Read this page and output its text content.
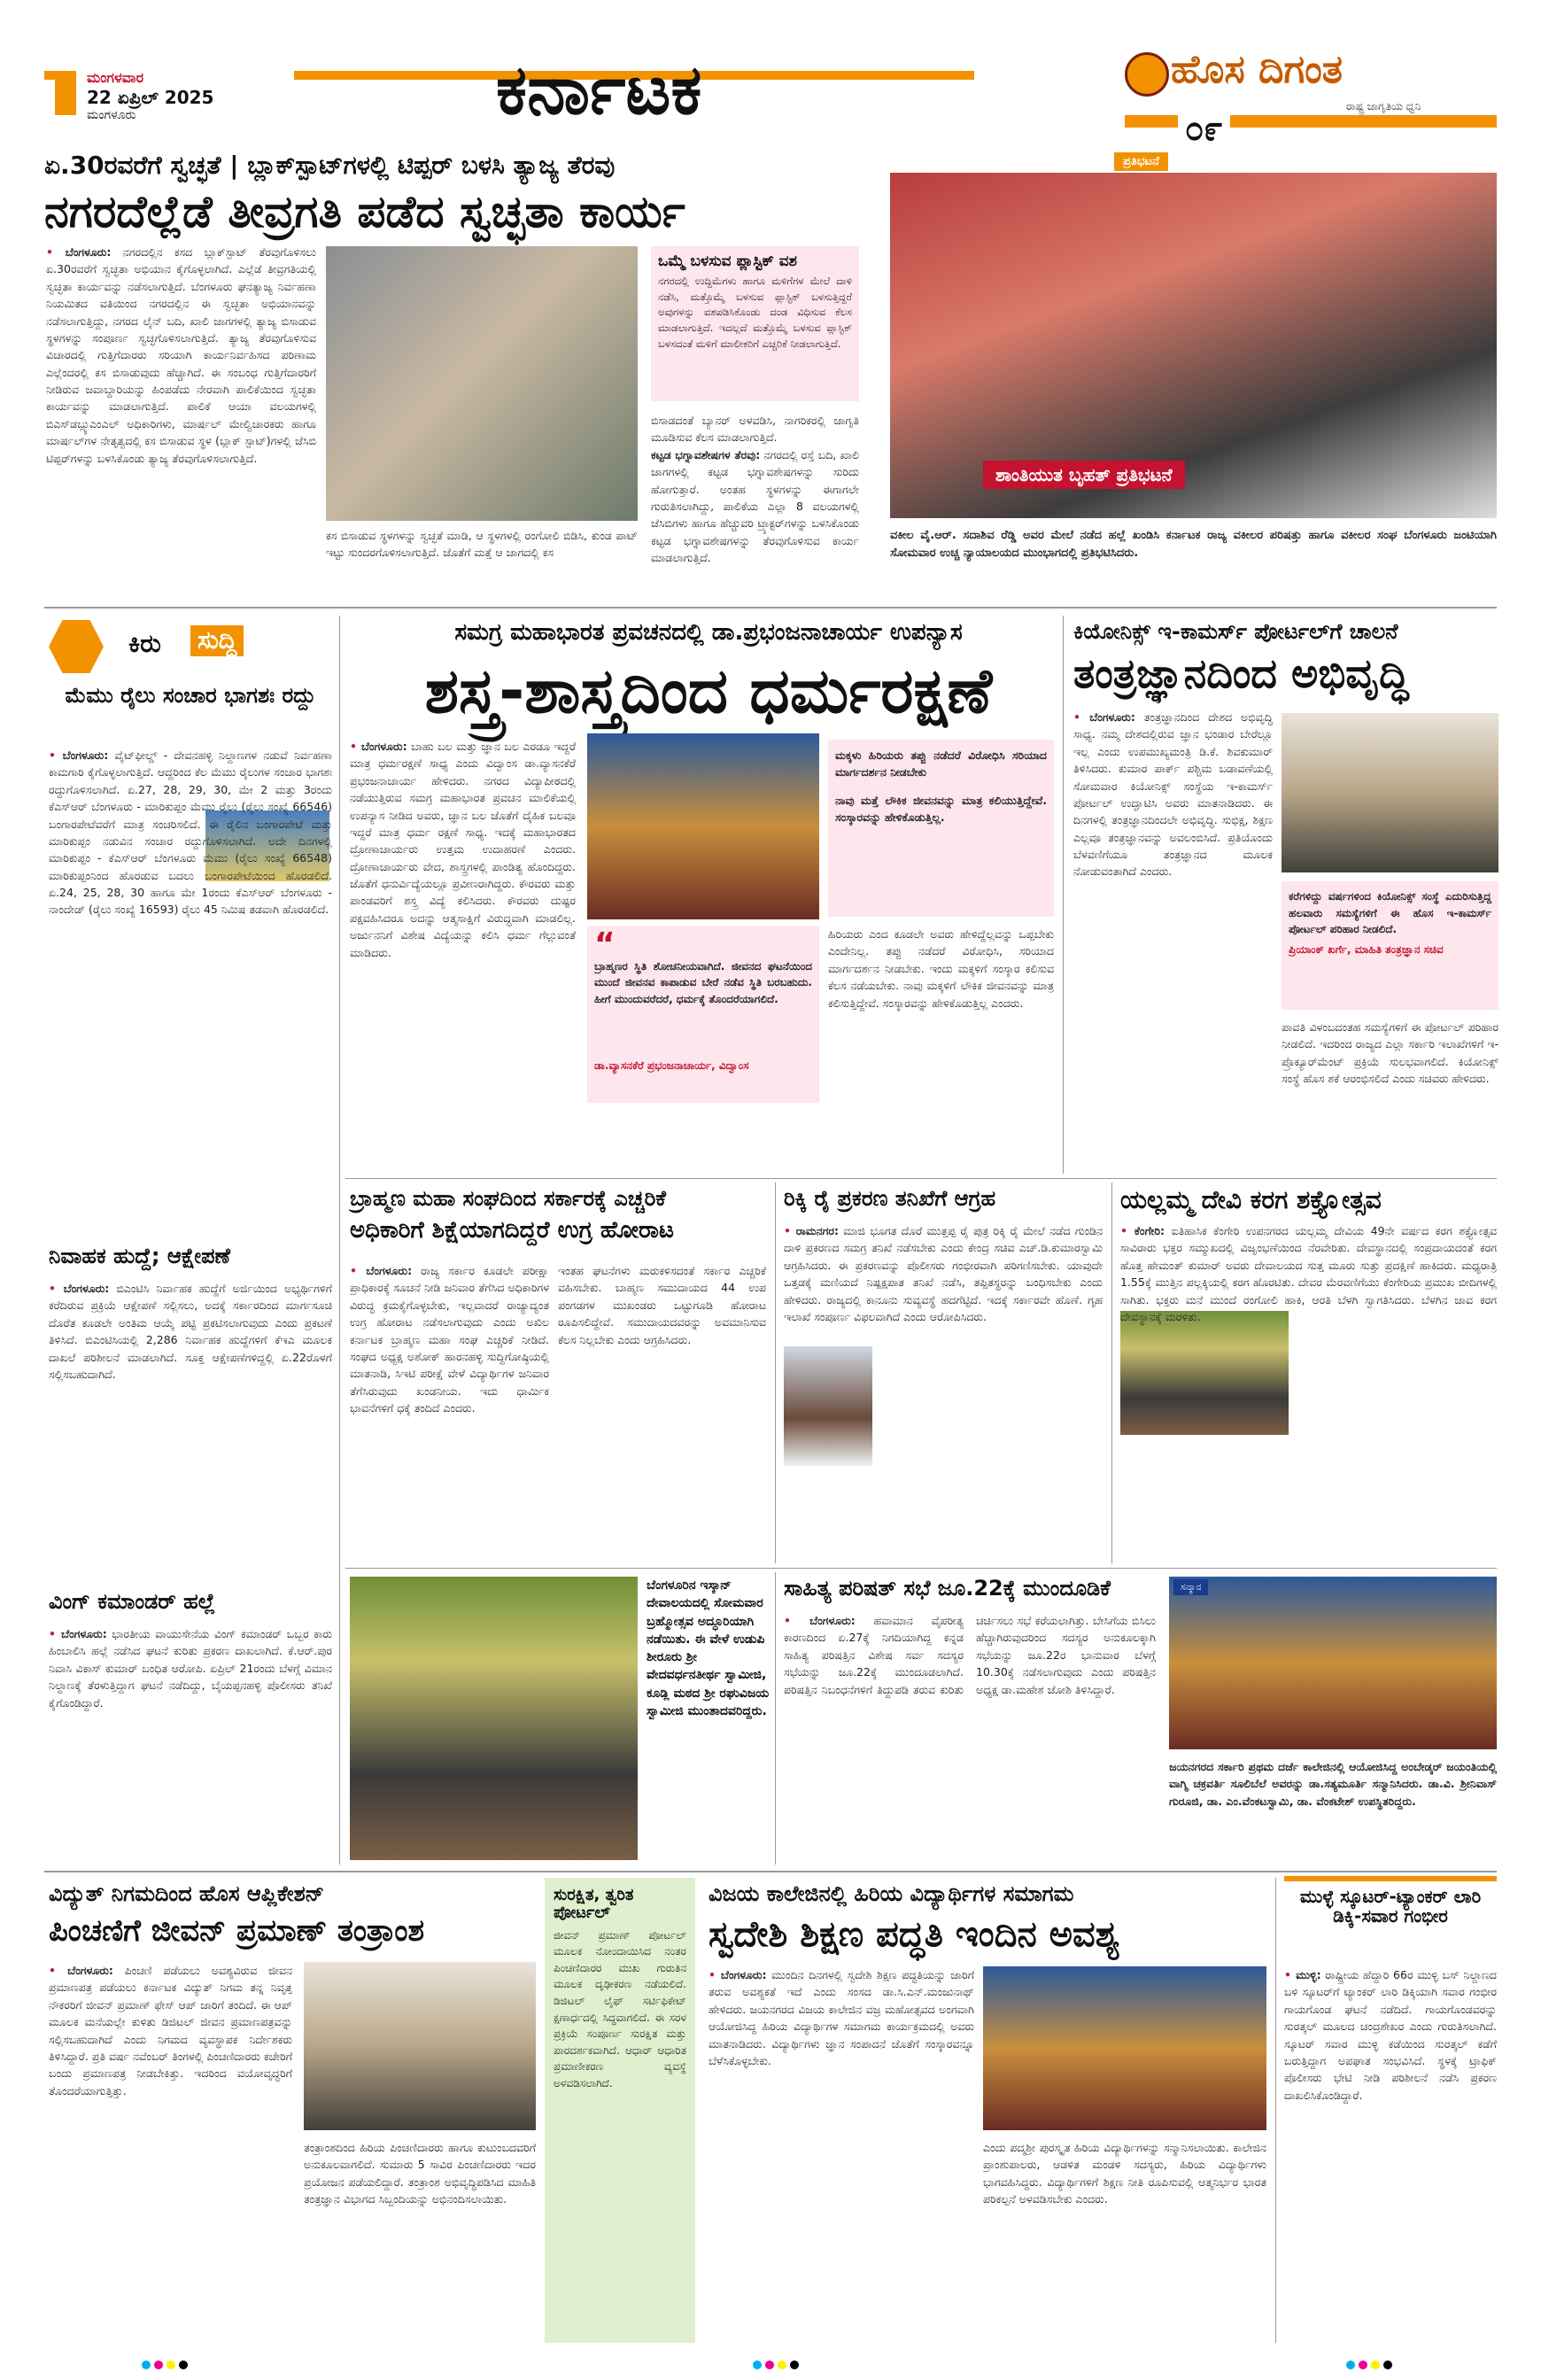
ಮಂಗಳವಾರ
22 ಏಪ್ರಿಲ್ 2025
ಮಂಗಳೂರು	ಕರ್ನಾಟಕ	ಹೊಸ ದಿಗಂತ
ರಾಷ್ಟ್ರ ಜಾಗೃತಿಯ ಧ್ವನಿ
೦೯
ಏ.30ರವರೆಗೆ ಸ್ವಚ್ಛತೆ | ಬ್ಲಾಕ್‌ಸ್ಪಾಟ್‌ಗಳಲ್ಲಿ ಟಿಪ್ಪರ್ ಬಳಸಿ ತ್ಯಾಜ್ಯ ತೆರವು
ನಗರದೆಲ್ಲೆಡೆ ತೀವ್ರಗತಿ ಪಡೆದ ಸ್ವಚ್ಛತಾ ಕಾರ್ಯ
• ಬೆಂಗಳೂರು: ನಗರದಲ್ಲಿನ ಕಸದ ಬ್ಲಾಕ್‌ಸ್ಪಾಟ್ ತೆರವುಗೊಳಿಸಲು ಏ.30ರವರೆಗೆ ಸ್ವಚ್ಛತಾ ಅಭಿಯಾನ ಕೈಗೊಳ್ಳಲಾಗಿದೆ. ಎಲ್ಲೆಡೆ ತೀವ್ರಗತಿಯಲ್ಲಿ ಸ್ವಚ್ಛತಾ ಕಾರ್ಯವನ್ನು ನಡೆಸಲಾಗುತ್ತಿದೆ. ಬೆಂಗಳೂರು ಘನತ್ಯಾಜ್ಯ ನಿರ್ವಹಣಾ ನಿಯಮಿತದ ವತಿಯಿಂದ ನಗರದಲ್ಲಿನ ಈ ಸ್ವಚ್ಛತಾ ಅಭಿಯಾನವನ್ನು ನಡೆಸಲಾಗುತ್ತಿದ್ದು, ನಗರದ ಲೈನ್ ಬದಿ, ಖಾಲಿ ಜಾಗಗಳಲ್ಲಿ ತ್ಯಾಜ್ಯ ಬಿಸಾಡುವ ಸ್ಥಳಗಳನ್ನು ಸಂಪೂರ್ಣ ಸ್ವಚ್ಛಗೊಳಿಸಲಾಗುತ್ತಿದೆ. ತ್ಯಾಜ್ಯ ತೆರವುಗೊಳಿಸುವ ವಿಚಾರದಲ್ಲಿ ಗುತ್ತಿಗೆದಾರರು ಸರಿಯಾಗಿ ಕಾರ್ಯನಿರ್ವಹಿಸದ ಪರಿಣಾಮ ಎಲ್ಲೆಂದರಲ್ಲಿ ಕಸ ಬಿಸಾಡುವುದು ಹೆಚ್ಚಾಗಿದೆ. ಈ ಸಂಬಂಧ ಗುತ್ತಿಗೆದಾರರಿಗೆ ನೀಡಿರುವ ಜವಾಬ್ದಾರಿಯನ್ನು ಹಿಂಪಡೆದು ನೇರವಾಗಿ ಪಾಲಿಕೆಯಿಂದ ಸ್ವಚ್ಛತಾ ಕಾರ್ಯವನ್ನು ಮಾಡಲಾಗುತ್ತಿದೆ. ಪಾಲಿಕೆ ಆಯಾ ವಲಯಗಳಲ್ಲಿ ಬಿಎಸ್‌ಡಬ್ಲ್ಯುಎಂಎಲ್ ಅಧಿಕಾರಿಗಳು, ಮಾರ್ಷಲ್ ಮೇಲ್ವಿಚಾರಕರು ಹಾಗೂ ಮಾರ್ಷಲ್‌ಗಳ ನೇತೃತ್ವದಲ್ಲಿ ಕಸ ಬಿಸಾಡುವ ಸ್ಥಳ (ಬ್ಲಾಕ್ ಸ್ಪಾಟ್)ಗಳಲ್ಲಿ ಜೆಸಿಬಿ ಟಿಪ್ಪರ್‌ಗಳನ್ನು ಬಳಸಿಕೊಂಡು ತ್ಯಾಜ್ಯ ತೆರವುಗೊಳಿಸಲಾಗುತ್ತಿದೆ.
ಕಸ ಬಿಸಾಡುವ ಸ್ಥಳಗಳನ್ನು ಸ್ವಚ್ಛತೆ ಮಾಡಿ, ಆ ಸ್ಥಳಗಳಲ್ಲಿ ರಂಗೋಲಿ ಬಿಡಿಸಿ, ಕುಂಡ ಪಾಟ್ ಇಟ್ಟು ಸುಂದರಗೊಳಿಸಲಾಗುತ್ತಿದೆ. ಜೊತೆಗೆ ಮತ್ತೆ ಆ ಜಾಗದಲ್ಲಿ ಕಸ
ಒಮ್ಮೆ ಬಳಸುವ ಪ್ಲಾಸ್ಟಿಕ್ ವಶ
ನಗರದಲ್ಲಿ ಉದ್ದಿಮೆಗಳು ಹಾಗೂ ಮಳಿಗೆಗಳ ಮೇಲೆ ದಾಳಿ ನಡೆಸಿ, ಮತ್ತೊಮ್ಮೆ ಬಳಸುವ ಪ್ಲಾಸ್ಟಿಕ್ ಬಳಸುತ್ತಿದ್ದರೆ ಅವುಗಳನ್ನು ವಶಪಡಿಸಿಕೊಂಡು ದಂಡ ವಿಧಿಸುವ ಕೆಲಸ ಮಾಡಲಾಗುತ್ತಿದೆ. ಇದಲ್ಲದೆ ಮತ್ತೊಮ್ಮೆ ಬಳಸುವ ಪ್ಲಾಸ್ಟಿಕ್ ಬಳಸದಂತೆ ಮಳಿಗೆ ಮಾಲೀಕರಿಗೆ ಎಚ್ಚರಿಕೆ ನೀಡಲಾಗುತ್ತಿದೆ.
ಬಿಸಾಡದಂತೆ ಬ್ಯಾನರ್ ಅಳವಡಿಸಿ, ನಾಗರಿಕರಲ್ಲಿ ಜಾಗೃತಿ ಮೂಡಿಸುವ ಕೆಲಸ ಮಾಡಲಾಗುತ್ತಿದೆ.
ಕಟ್ಟಡ ಭಗ್ನಾವಶೇಷಗಳ ತೆರವು: ನಗರದಲ್ಲಿ ರಸ್ತೆ ಬದಿ, ಖಾಲಿ ಜಾಗಗಳಲ್ಲಿ ಕಟ್ಟಡ ಭಗ್ನಾವಶೇಷಗಳನ್ನು ಸುರಿದು ಹೋಗುತ್ತಾರೆ. ಅಂತಹ ಸ್ಥಳಗಳನ್ನು ಈಗಾಗಲೇ ಗುರುತಿಸಲಾಗಿದ್ದು, ಪಾಲಿಕೆಯ ಎಲ್ಲಾ 8 ವಲಯಗಳಲ್ಲಿ ಜೆಸಿಬಿಗಳು ಹಾಗೂ ಹೆಚ್ಚುವರಿ ಟ್ರ್ಯಾಕ್ಟರ್‌ಗಳನ್ನು ಬಳಸಿಕೊಂಡು ಕಟ್ಟಡ ಭಗ್ನಾವಶೇಷಗಳನ್ನು ತೆರವುಗೊಳಿಸುವ ಕಾರ್ಯ ಮಾಡಲಾಗುತ್ತಿದೆ.
ಪ್ರತಿಭಟನೆ
ಶಾಂತಿಯುತ ಬೃಹತ್ ಪ್ರತಿಭಟನೆ
ವಕೀಲ ವೈ.ಆರ್. ಸದಾಶಿವ ರೆಡ್ಡಿ ಅವರ ಮೇಲೆ ನಡೆದ ಹಲ್ಲೆ ಖಂಡಿಸಿ ಕರ್ನಾಟಕ ರಾಜ್ಯ ವಕೀಲರ ಪರಿಷತ್ತು ಹಾಗೂ ವಕೀಲರ ಸಂಘ ಬೆಂಗಳೂರು ಜಂಟಿಯಾಗಿ ಸೋಮವಾರ ಉಚ್ಚ ನ್ಯಾಯಾಲಯದ ಮುಂಭಾಗದಲ್ಲಿ ಪ್ರತಿಭಟಿಸಿದರು.
ಕಿರು ಸುದ್ದಿ
ಮೆಮು ರೈಲು ಸಂಚಾರ ಭಾಗಶಃ ರದ್ದು
• ಬೆಂಗಳೂರು: ವೈಟ್‌ಫೀಲ್ಡ್ - ದೇವನಹಳ್ಳಿ ನಿಲ್ದಾಣಗಳ ನಡುವೆ ನಿರ್ವಹಣಾ ಕಾಮಗಾರಿ ಕೈಗೊಳ್ಳಲಾಗುತ್ತಿದೆ. ಆದ್ದರಿಂದ ಕೆಲ ಮೆಮು ರೈಲುಗಳ ಸಂಚಾರ ಭಾಗಶಃ ರದ್ದುಗೊಳಿಸಲಾಗಿದೆ. ಏ.27, 28, 29, 30, ಮೇ 2 ಮತ್ತು 3ರಂದು ಕೆಎಸ್‌ಆರ್ ಬೆಂಗಳೂರು - ಮಾರಿಕುಪ್ಪಂ ಮೆಮು ರೈಲು (ರೈಲು ಸಂಖ್ಯೆ 66546) ಬಂಗಾರಪೇಟೆವರೆಗೆ ಮಾತ್ರ ಸಂಚರಿಸಲಿದೆ. ಈ ರೈಲಿನ ಬಂಗಾರಪೇಟೆ ಮತ್ತು ಮಾರಿಕುಪ್ಪಂ ನಡುವಿನ ಸಂಚಾರ ರದ್ದುಗೊಳಿಸಲಾಗಿದೆ. ಅದೇ ದಿನಗಳಲ್ಲಿ ಮಾರಿಕುಪ್ಪಂ - ಕೆಎಸ್‌ಆರ್ ಬೆಂಗಳೂರು ಮೆಮು (ರೈಲು ಸಂಖ್ಯೆ 66548) ಮಾರಿಕುಪ್ಪಂನಿಂದ ಹೊರಡುವ ಬದಲು ಬಂಗಾರಪೇಟೆಯಿಂದ ಹೊರಡಲಿದೆ. ಏ.24, 25, 28, 30 ಹಾಗೂ ಮೇ 1ರಂದು ಕೆಎಸ್‌ಆರ್ ಬೆಂಗಳೂರು - ನಾಂದೇಡ್ (ರೈಲು ಸಂಖ್ಯೆ 16593) ರೈಲು 45 ನಿಮಿಷ ತಡವಾಗಿ ಹೊರಡಲಿದೆ.
ನಿವಾಹಕ ಹುದ್ದೆ; ಆಕ್ಷೇಪಣೆ
• ಬೆಂಗಳೂರು: ಬಿಎಂಟಿಸಿ ನಿರ್ವಾಹಕ ಹುದ್ದೆಗೆ ಅರ್ಜಿಯಿಂದ ಅಭ್ಯರ್ಥಿಗಳಿಗೆ ಕರೆದಿರುವ ಪ್ರಕ್ರಿಯೆ ಆಕ್ಷೇಪಣೆ ಸಲ್ಲಿಸಲು, ಅದಕ್ಕೆ ಸರ್ಕಾರದಿಂದ ಮಾರ್ಗಸೂಚಿ ದೊರೆತ ಕೂಡಲೇ ಅಂತಿಮ ಆಯ್ಕೆ ಪಟ್ಟಿ ಪ್ರಕಟಿಸಲಾಗುವುದು ಎಂದು ಪ್ರಕಟಣೆ ತಿಳಿಸಿದೆ. ಬಿಎಂಟಿಸಿಯಲ್ಲಿ 2,286 ನಿರ್ವಾಹಕ ಹುದ್ದೆಗಳಿಗೆ ಕೆಇಎ ಮೂಲಕ ದಾಖಲೆ ಪರಿಶೀಲನೆ ಮಾಡಲಾಗಿದೆ. ಸೂಕ್ತ ಆಕ್ಷೇಪಣೆಗಳಿದ್ದಲ್ಲಿ ಏ.22ರೊಳಗೆ ಸಲ್ಲಿಸಬಹುದಾಗಿದೆ.
ವಿಂಗ್ ಕಮಾಂಡರ್ ಹಲ್ಲೆ
• ಬೆಂಗಳೂರು: ಭಾರತೀಯ ವಾಯುಸೇನೆಯ ವಿಂಗ್ ಕಮಾಂಡರ್ ಒಬ್ಬರ ಕಾರು ಹಿಂಬಾಲಿಸಿ ಹಲ್ಲೆ ನಡೆಸಿದ ಘಟನೆ ಕುರಿತು ಪ್ರಕರಣ ದಾಖಲಾಗಿದೆ. ಕೆ.ಆರ್.ಪುರ ನಿವಾಸಿ ವಿಕಾಸ್ ಕುಮಾರ್ ಬಂಧಿತ ಆರೋಪಿ. ಏಪ್ರಿಲ್ 21ರಂದು ಬೆಳಗ್ಗೆ ವಿಮಾನ ನಿಲ್ದಾಣಕ್ಕೆ ತೆರಳುತ್ತಿದ್ದಾಗ ಘಟನೆ ನಡೆದಿದ್ದು, ಬೈಯಪ್ಪನಹಳ್ಳಿ ಪೊಲೀಸರು ತನಿಖೆ ಕೈಗೊಂಡಿದ್ದಾರೆ.
ಸಮಗ್ರ ಮಹಾಭಾರತ ಪ್ರವಚನದಲ್ಲಿ ಡಾ.ಪ್ರಭಂಜನಾಚಾರ್ಯ ಉಪನ್ಯಾಸ
ಶಸ್ತ್ರ-ಶಾಸ್ತ್ರದಿಂದ ಧರ್ಮರಕ್ಷಣೆ
• ಬೆಂಗಳೂರು: ಬಾಹು ಬಲ ಮತ್ತು ಜ್ಞಾನ ಬಲ ಎರಡೂ ಇದ್ದರೆ ಮಾತ್ರ ಧರ್ಮರಕ್ಷಣೆ ಸಾಧ್ಯ ಎಂದು ವಿದ್ವಾಂಸ ಡಾ.ವ್ಯಾಸನಕೆರೆ ಪ್ರಭಂಜನಾಚಾರ್ಯ ಹೇಳಿದರು. ನಗರದ ವಿದ್ಯಾಪೀಠದಲ್ಲಿ ನಡೆಯುತ್ತಿರುವ ಸಮಗ್ರ ಮಹಾಭಾರತ ಪ್ರವಚನ ಮಾಲಿಕೆಯಲ್ಲಿ ಉಪನ್ಯಾಸ ನೀಡಿದ ಅವರು, ಜ್ಞಾನ ಬಲ ಜೊತೆಗೆ ದೈಹಿಕ ಬಲವೂ ಇದ್ದರೆ ಮಾತ್ರ ಧರ್ಮ ರಕ್ಷಣೆ ಸಾಧ್ಯ. ಇದಕ್ಕೆ ಮಹಾಭಾರತದ ದ್ರೋಣಾಚಾರ್ಯರು ಉತ್ತಮ ಉದಾಹರಣೆ ಎಂದರು. ದ್ರೋಣಾಚಾರ್ಯರು ವೇದ, ಶಾಸ್ತ್ರಗಳಲ್ಲಿ ಪಾಂಡಿತ್ಯ ಹೊಂದಿದ್ದರು. ಜೊತೆಗೆ ಧನುರ್ವಿದ್ಯೆಯಲ್ಲೂ ಪ್ರವೀಣರಾಗಿದ್ದರು. ಕೌರವರು ಮತ್ತು ಪಾಂಡವರಿಗೆ ಶಸ್ತ್ರ ವಿದ್ಯೆ ಕಲಿಸಿದರು. ಕೌರವರು ದುಷ್ಟರ ಪಕ್ಷವಹಿಸಿದರೂ ಅದನ್ನು ಆತ್ಮಸಾಕ್ಷಿಗೆ ವಿರುದ್ಧವಾಗಿ ಮಾಡಲಿಲ್ಲ. ಅರ್ಜುನನಿಗೆ ವಿಶೇಷ ವಿದ್ಯೆಯನ್ನು ಕಲಿಸಿ ಧರ್ಮ ಗೆಲ್ಲುವಂತೆ ಮಾಡಿದರು.	“
ಬ್ರಾಹ್ಮಣರ ಸ್ಥಿತಿ ಶೋಚನೀಯವಾಗಿದೆ. ಜೀವನದ ಘಟನೆಯಿಂದ ಮುಂದೆ ಜೀವನವ ಕಾಪಾಡುವ ಬೇರೆ ನಡೆವ ಸ್ಥಿತಿ ಬರಬಹುದು. ಹೀಗೆ ಮುಂದುವರೆದರೆ, ಧರ್ಮಕ್ಕೆ ತೊಂದರೆಯಾಗಲಿದೆ.
ಡಾ.ವ್ಯಾಸನಕೆರೆ ಪ್ರಭಂಜನಾಚಾರ್ಯ, ವಿದ್ವಾಂಸ
ಮಕ್ಕಳು ಹಿರಿಯರು ತಪ್ಪು ನಡೆದರೆ ವಿರೋಧಿಸಿ ಸರಿಯಾದ ಮಾರ್ಗದರ್ಶನ ನೀಡಬೇಕು
ನಾವು ಮತ್ತೆ ಲೌಕಿಕ ಜೀವನವನ್ನು ಮಾತ್ರ ಕಲಿಯುತ್ತಿದ್ದೇವೆ. ಸಂಸ್ಕಾರವನ್ನು ಹೇಳಿಕೊಡುತ್ತಿಲ್ಲ.
ಹಿರಿಯರು ಎಂದ ಕೂಡಲೇ ಅವರು ಹೇಳಿದ್ದೆಲ್ಲವನ್ನು ಒಪ್ಪಬೇಕು ಎಂದೇನಿಲ್ಲ. ತಪ್ಪು ನಡೆದರೆ ವಿರೋಧಿಸಿ, ಸರಿಯಾದ ಮಾರ್ಗದರ್ಶನ ನೀಡಬೇಕು. ಇಂದು ಮಕ್ಕಳಿಗೆ ಸಂಸ್ಕಾರ ಕಲಿಸುವ ಕೆಲಸ ನಡೆಯಬೇಕು. ನಾವು ಮಕ್ಕಳಿಗೆ ಲೌಕಿಕ ಜೀವನವನ್ನು ಮಾತ್ರ ಕಲಿಸುತ್ತಿದ್ದೇವೆ. ಸಂಸ್ಕಾರವನ್ನು ಹೇಳಿಕೊಡುತ್ತಿಲ್ಲ ಎಂದರು.
ಕಿಯೋನಿಕ್ಸ್ ಇ-ಕಾಮರ್ಸ್ ಪೋರ್ಟಲ್‌ಗೆ ಚಾಲನೆ
ತಂತ್ರಜ್ಞಾನದಿಂದ ಅಭಿವೃದ್ಧಿ
• ಬೆಂಗಳೂರು: ತಂತ್ರಜ್ಞಾನದಿಂದ ದೇಶದ ಅಭಿವೃದ್ಧಿ ಸಾಧ್ಯ. ನಮ್ಮ ದೇಶದಲ್ಲಿರುವ ಜ್ಞಾನ ಭಂಡಾರ ಬೇರೆಲ್ಲೂ ಇಲ್ಲ ಎಂದು ಉಪಮುಖ್ಯಮಂತ್ರಿ ಡಿ.ಕೆ. ಶಿವಕುಮಾರ್ ತಿಳಿಸಿದರು. ಕುಮಾರ ಪಾರ್ಕ್ ಪಶ್ಚಿಮ ಬಡಾವಣೆಯಲ್ಲಿ ಸೋಮವಾರ ಕಿಯೋನಿಕ್ಸ್ ಸಂಸ್ಥೆಯ ಇ-ಕಾಮರ್ಸ್ ಪೋರ್ಟಲ್ ಉದ್ಘಾಟಿಸಿ ಅವರು ಮಾತನಾಡಿದರು. ಈ ದಿನಗಳಲ್ಲಿ ತಂತ್ರಜ್ಞಾನದಿಂದಲೇ ಅಭಿವೃದ್ಧಿ. ಸುಭಿಕ್ಷ, ಶಿಕ್ಷಣ ಎಲ್ಲವೂ ತಂತ್ರಜ್ಞಾನವನ್ನು ಅವಲಂಬಿಸಿದೆ. ಪ್ರತಿಯೊಂದು ಬೆಳವಣಿಗೆಯೂ ತಂತ್ರಜ್ಞಾನದ ಮೂಲಕ ನೋಡುವಂತಾಗಿದೆ ಎಂದರು.
ಕರೆಗಳಿದ್ದು ವರ್ಷಗಳಿಂದ ಕಿಯೋನಿಕ್ಸ್ ಸಂಸ್ಥೆ ಎದುರಿಸುತ್ತಿದ್ದ ಹಲವಾರು ಸಮಸ್ಯೆಗಳಿಗೆ ಈ ಹೊಸ ಇ-ಕಾಮರ್ಸ್ ಪೋರ್ಟಲ್ ಪರಿಹಾರ ನೀಡಲಿದೆ.
ಪ್ರಿಯಾಂಕ್ ಖರ್ಗೆ, ಮಾಹಿತಿ ತಂತ್ರಜ್ಞಾನ ಸಚಿವ
ಪಾವತಿ ವಿಳಂಬದಂತಹ ಸಮಸ್ಯೆಗಳಿಗೆ ಈ ಪೋರ್ಟಲ್ ಪರಿಹಾರ ನೀಡಲಿದೆ. ಇದರಿಂದ ರಾಜ್ಯದ ಎಲ್ಲಾ ಸರ್ಕಾರಿ ಇಲಾಖೆಗಳಿಗೆ ಇ-ಪ್ರೊಕ್ಯೂರ್‌ಮೆಂಟ್ ಪ್ರಕ್ರಿಯೆ ಸುಲಭವಾಗಲಿದೆ. ಕಿಯೋನಿಕ್ಸ್ ಸಂಸ್ಥೆ ಹೊಸ ಶಕೆ ಆರಂಭಿಸಲಿದೆ ಎಂದು ಸಚಿವರು ಹೇಳಿದರು.
ಬ್ರಾಹ್ಮಣ ಮಹಾ ಸಂಘದಿಂದ ಸರ್ಕಾರಕ್ಕೆ ಎಚ್ಚರಿಕೆ
ಅಧಿಕಾರಿಗೆ ಶಿಕ್ಷೆಯಾಗದಿದ್ದರೆ ಉಗ್ರ ಹೋರಾಟ
• ಬೆಂಗಳೂರು: ರಾಜ್ಯ ಸರ್ಕಾರ ಕೂಡಲೇ ಪರೀಕ್ಷಾ ಪ್ರಾಧಿಕಾರಕ್ಕೆ ಸೂಚನೆ ನೀಡಿ ಜನಿವಾರ ತೆಗೆಸಿದ ಅಧಿಕಾರಿಗಳ ವಿರುದ್ಧ ಕ್ರಮಕೈಗೊಳ್ಳಬೇಕು, ಇಲ್ಲವಾದರೆ ರಾಜ್ಯಾದ್ಯಂತ ಉಗ್ರ ಹೋರಾಟ ನಡೆಸಲಾಗುವುದು ಎಂದು ಅಖಿಲ ಕರ್ನಾಟಕ ಬ್ರಾಹ್ಮಣ ಮಹಾ ಸಂಘ ಎಚ್ಚರಿಕೆ ನೀಡಿದೆ. ಸಂಘದ ಅಧ್ಯಕ್ಷ ಅಶೋಕ್ ಹಾರನಹಳ್ಳಿ ಸುದ್ದಿಗೋಷ್ಠಿಯಲ್ಲಿ ಮಾತನಾಡಿ, ಸಿಇಟಿ ಪರೀಕ್ಷೆ ವೇಳೆ ವಿದ್ಯಾರ್ಥಿಗಳ ಜನಿವಾರ ತೆಗೆಸಿರುವುದು ಖಂಡನೀಯ. ಇದು ಧಾರ್ಮಿಕ ಭಾವನೆಗಳಿಗೆ ಧಕ್ಕೆ ತಂದಿದೆ ಎಂದರು.
ಇಂತಹ ಘಟನೆಗಳು ಮರುಕಳಿಸದಂತೆ ಸರ್ಕಾರ ಎಚ್ಚರಿಕೆ ವಹಿಸಬೇಕು. ಬಾಹ್ಮಣ ಸಮುದಾಯದ 44 ಉಪ ಪಂಗಡಗಳ ಮುಖಂಡರು ಒಟ್ಟುಗೂಡಿ ಹೋರಾಟ ರೂಪಿಸಲಿದ್ದೇವೆ. ಸಮುದಾಯದವರನ್ನು ಅವಮಾನಿಸುವ ಕೆಲಸ ನಿಲ್ಲಬೇಕು ಎಂದು ಆಗ್ರಹಿಸಿದರು.
ರಿಕ್ಕಿ ರೈ ಪ್ರಕರಣ ತನಿಖೆಗೆ ಆಗ್ರಹ
• ರಾಮನಗರ: ಮಾಜಿ ಭೂಗತ ದೊರೆ ಮುತ್ತಪ್ಪ ರೈ ಪುತ್ರ ರಿಕ್ಕಿ ರೈ ಮೇಲೆ ನಡೆದ ಗುಂಡಿನ ದಾಳಿ ಪ್ರಕರಣದ ಸಮಗ್ರ ತನಿಖೆ ನಡೆಸಬೇಕು ಎಂದು ಕೇಂದ್ರ ಸಚಿವ ಎಚ್.ಡಿ.ಕುಮಾರಸ್ವಾಮಿ ಆಗ್ರಹಿಸಿದರು. ಈ ಪ್ರಕರಣವನ್ನು ಪೊಲೀಸರು ಗಂಭೀರವಾಗಿ ಪರಿಗಣಿಸಬೇಕು. ಯಾವುದೇ ಒತ್ತಡಕ್ಕೆ ಮಣಿಯದೆ ನಿಷ್ಪಕ್ಷಪಾತ ತನಿಖೆ ನಡೆಸಿ, ತಪ್ಪಿತಸ್ಥರನ್ನು ಬಂಧಿಸಬೇಕು ಎಂದು ಹೇಳಿದರು. ರಾಜ್ಯದಲ್ಲಿ ಕಾನೂನು ಸುವ್ಯವಸ್ಥೆ ಹದಗೆಟ್ಟಿದೆ. ಇದಕ್ಕೆ ಸರ್ಕಾರವೇ ಹೊಣೆ. ಗೃಹ ಇಲಾಖೆ ಸಂಪೂರ್ಣ ವಿಫಲವಾಗಿದೆ ಎಂದು ಆರೋಪಿಸಿದರು.
ಯಲ್ಲಮ್ಮ ದೇವಿ ಕರಗ ಶಕ್ತ್ಯೋತ್ಸವ
• ಕೆಂಗೇರಿ: ಐತಿಹಾಸಿಕ ಕೆಂಗೇರಿ ಉಪನಗರದ ಯಲ್ಲಮ್ಮ ದೇವಿಯ 49ನೇ ವರ್ಷದ ಕರಗ ಶಕ್ತ್ಯೋತ್ಸವ ಸಾವಿರಾರು ಭಕ್ತರ ಸಮ್ಮುಖದಲ್ಲಿ ವಿಜೃಂಭಣೆಯಿಂದ ನೆರವೇರಿತು. ದೇವಸ್ಥಾನದಲ್ಲಿ ಸಂಪ್ರದಾಯದಂತೆ ಕರಗ ಹೊತ್ತ ಹೇಮಂತ್ ಕುಮಾರ್ ಅವರು ದೇವಾಲಯದ ಸುತ್ತ ಮೂರು ಸುತ್ತು ಪ್ರದಕ್ಷಿಣೆ ಹಾಕಿದರು. ಮಧ್ಯರಾತ್ರಿ 1.55ಕ್ಕೆ ಮುತ್ತಿನ ಪಲ್ಲಕ್ಕಿಯಲ್ಲಿ ಕರಗ ಹೊರಟಿತು. ದೇವರ ಮೆರವಣಿಗೆಯು ಕೆಂಗೇರಿಯ ಪ್ರಮುಖ ಬೀದಿಗಳಲ್ಲಿ ಸಾಗಿತು. ಭಕ್ತರು ಮನೆ ಮುಂದೆ ರಂಗೋಲಿ ಹಾಕಿ, ಆರತಿ ಬೆಳಗಿ ಸ್ವಾಗತಿಸಿದರು. ಬೆಳಗಿನ ಜಾವ ಕರಗ ದೇವಸ್ಥಾನಕ್ಕೆ ಮರಳಿತು.
ಬೆಂಗಳೂರಿನ ಇಸ್ಕಾನ್ ದೇವಾಲಯದಲ್ಲಿ ಸೋಮವಾರ ಬ್ರಹ್ಮೋತ್ಸವ ಅದ್ಧೂರಿಯಾಗಿ ನಡೆಯಿತು. ಈ ವೇಳೆ ಉಡುಪಿ ಶೀರೂರು ಶ್ರೀ ವೇದವರ್ಧನತೀರ್ಥ ಸ್ವಾಮೀಜಿ, ಕೂಡ್ಲಿ ಮಠದ ಶ್ರೀ ರಘುವಿಜಯ ಸ್ವಾಮೀಜಿ ಮುಂತಾದವರಿದ್ದರು.
ಸಾಹಿತ್ಯ ಪರಿಷತ್ ಸಭೆ ಜೂ.22ಕ್ಕೆ ಮುಂದೂಡಿಕೆ
• ಬೆಂಗಳೂರು: ಹವಾಮಾನ ವೈಪರೀತ್ಯ ಕಾರಣದಿಂದ ಏ.27ಕ್ಕೆ ನಿಗದಿಯಾಗಿದ್ದ ಕನ್ನಡ ಸಾಹಿತ್ಯ ಪರಿಷತ್ತಿನ ವಿಶೇಷ ಸರ್ವ ಸದಸ್ಯರ ಸಭೆಯನ್ನು ಜೂ.22ಕ್ಕೆ ಮುಂದೂಡಲಾಗಿದೆ. ಪರಿಷತ್ತಿನ ನಿಬಂಧನೆಗಳಿಗೆ ತಿದ್ದುಪಡಿ ತರುವ ಕುರಿತು ಚರ್ಚಿಸಲು ಸಭೆ ಕರೆಯಲಾಗಿತ್ತು. ಬೇಸಿಗೆಯ ಬಿಸಿಲು ಹೆಚ್ಚಾಗಿರುವುದರಿಂದ ಸದಸ್ಯರ ಅನುಕೂಲಕ್ಕಾಗಿ ಸಭೆಯನ್ನು ಜೂ.22ರ ಭಾನುವಾರ ಬೆಳಗ್ಗೆ 10.30ಕ್ಕೆ ನಡೆಸಲಾಗುವುದು ಎಂದು ಪರಿಷತ್ತಿನ ಅಧ್ಯಕ್ಷ ಡಾ.ಮಹೇಶ ಜೋಶಿ ತಿಳಿಸಿದ್ದಾರೆ.
ಸನ್ಮಾನ
ಜಯನಗರದ ಸರ್ಕಾರಿ ಪ್ರಥಮ ದರ್ಜೆ ಕಾಲೇಜಿನಲ್ಲಿ ಆಯೋಜಿಸಿದ್ದ ಅಂಬೇಡ್ಕರ್ ಜಯಂತಿಯಲ್ಲಿ ವಾಗ್ಮಿ ಚಕ್ರವರ್ತಿ ಸೂಲಿಬೆಲೆ ಅವರನ್ನು ಡಾ.ಸತ್ಯಮೂರ್ತಿ ಸನ್ಮಾನಿಸಿದರು. ಡಾ.ವಿ. ಶ್ರೀನಿವಾಸ್ ಗುರೂಜಿ, ಡಾ. ಎಂ.ವೆಂಕಟಸ್ವಾಮಿ, ಡಾ. ವೆಂಕಟೇಶ್ ಉಪಸ್ಥಿತರಿದ್ದರು.
ವಿದ್ಯುತ್ ನಿಗಮದಿಂದ ಹೊಸ ಆಪ್ಲಿಕೇಶನ್
ಪಿಂಚಣಿಗೆ ಜೀವನ್ ಪ್ರಮಾಣ್ ತಂತ್ರಾಂಶ
• ಬೆಂಗಳೂರು: ಪಿಂಚಣಿ ಪಡೆಯಲು ಅವಶ್ಯವಿರುವ ಜೀವನ ಪ್ರಮಾಣಪತ್ರ ಪಡೆಯಲು ಕರ್ನಾಟಕ ವಿದ್ಯುತ್ ನಿಗಮ ತನ್ನ ನಿವೃತ್ತ ನೌಕರರಿಗೆ ಜೀವನ್ ಪ್ರಮಾಣ್ ಫೇಸ್ ಆಪ್ ಜಾರಿಗೆ ತಂದಿದೆ. ಈ ಆಪ್ ಮೂಲಕ ಮನೆಯಲ್ಲೇ ಕುಳಿತು ಡಿಜಿಟಲ್ ಜೀವನ ಪ್ರಮಾಣಪತ್ರವನ್ನು ಸಲ್ಲಿಸಬಹುದಾಗಿದೆ ಎಂದು ನಿಗಮದ ವ್ಯವಸ್ಥಾಪಕ ನಿರ್ದೇಶಕರು ತಿಳಿಸಿದ್ದಾರೆ. ಪ್ರತಿ ವರ್ಷ ನವೆಂಬರ್ ತಿಂಗಳಲ್ಲಿ ಪಿಂಚಣಿದಾರರು ಕಚೇರಿಗೆ ಬಂದು ಪ್ರಮಾಣಪತ್ರ ನೀಡಬೇಕಿತ್ತು. ಇದರಿಂದ ವಯೋವೃದ್ಧರಿಗೆ ತೊಂದರೆಯಾಗುತ್ತಿತ್ತು.
ತಂತ್ರಾಂಶದಿಂದ ಹಿರಿಯ ಪಿಂಚಣಿದಾರರು ಹಾಗೂ ಕುಟುಂಬದವರಿಗೆ ಅನುಕೂಲವಾಗಲಿದೆ. ಸುಮಾರು 5 ಸಾವಿರ ಪಿಂಚಣಿದಾರರು ಇದರ ಪ್ರಯೋಜನ ಪಡೆಯಲಿದ್ದಾರೆ. ತಂತ್ರಾಂಶ ಅಭಿವೃದ್ಧಿಪಡಿಸಿದ ಮಾಹಿತಿ ತಂತ್ರಜ್ಞಾನ ವಿಭಾಗದ ಸಿಬ್ಬಂದಿಯನ್ನು ಅಭಿನಂದಿಸಲಾಯಿತು.
ಸುರಕ್ಷಿತ, ತ್ವರಿತ ಪೋರ್ಟಲ್
ಜೀವನ್ ಪ್ರಮಾಣ್ ಪೋರ್ಟಲ್ ಮೂಲಕ ನೋಂದಾಯಿಸಿದ ನಂತರ ಪಿಂಚಣಿದಾರರ ಮುಖ ಗುರುತಿನ ಮೂಲಕ ದೃಢೀಕರಣ ನಡೆಯಲಿದೆ. ಡಿಜಿಟಲ್ ಲೈಫ್ ಸರ್ಟಿಫಿಕೇಟ್ ಕ್ಷಣಾರ್ಧದಲ್ಲಿ ಸಿದ್ಧವಾಗಲಿದೆ. ಈ ಸರಳ ಪ್ರಕ್ರಿಯೆ ಸಂಪೂರ್ಣ ಸುರಕ್ಷಿತ ಮತ್ತು ಪಾರದರ್ಶಕವಾಗಿದೆ. ಆಧಾರ್ ಆಧಾರಿತ ಪ್ರಮಾಣೀಕರಣ ವ್ಯವಸ್ಥೆ ಅಳವಡಿಸಲಾಗಿದೆ.
ವಿಜಯ ಕಾಲೇಜಿನಲ್ಲಿ ಹಿರಿಯ ವಿದ್ಯಾರ್ಥಿಗಳ ಸಮಾಗಮ
ಸ್ವದೇಶಿ ಶಿಕ್ಷಣ ಪದ್ಧತಿ ಇಂದಿನ ಅವಶ್ಯ
• ಬೆಂಗಳೂರು: ಮುಂದಿನ ದಿನಗಳಲ್ಲಿ ಸ್ವದೇಶಿ ಶಿಕ್ಷಣ ಪದ್ಧತಿಯನ್ನು ಜಾರಿಗೆ ತರುವ ಅವಶ್ಯಕತೆ ಇದೆ ಎಂದು ಸಂಸದ ಡಾ.ಸಿ.ಎನ್.ಮಂಜುನಾಥ್ ಹೇಳಿದರು. ಜಯನಗರದ ವಿಜಯ ಕಾಲೇಜಿನ ವಜ್ರ ಮಹೋತ್ಸವದ ಅಂಗವಾಗಿ ಆಯೋಜಿಸಿದ್ದ ಹಿರಿಯ ವಿದ್ಯಾರ್ಥಿಗಳ ಸಮಾಗಮ ಕಾರ್ಯಕ್ರಮದಲ್ಲಿ ಅವರು ಮಾತನಾಡಿದರು. ವಿದ್ಯಾರ್ಥಿಗಳು ಜ್ಞಾನ ಸಂಪಾದನೆ ಜೊತೆಗೆ ಸಂಸ್ಕಾರವನ್ನೂ ಬೆಳೆಸಿಕೊಳ್ಳಬೇಕು.
ಎಂದು ಪದ್ಮಶ್ರೀ ಪುರಸ್ಕೃತ ಹಿರಿಯ ವಿದ್ಯಾರ್ಥಿಗಳನ್ನು ಸನ್ಮಾನಿಸಲಾಯಿತು. ಕಾಲೇಜಿನ ಪ್ರಾಂಶುಪಾಲರು, ಆಡಳಿತ ಮಂಡಳಿ ಸದಸ್ಯರು, ಹಿರಿಯ ವಿದ್ಯಾರ್ಥಿಗಳು ಭಾಗವಹಿಸಿದ್ದರು. ವಿದ್ಯಾರ್ಥಿಗಳಿಗೆ ಶಿಕ್ಷಣ ನೀತಿ ರೂಪಿಸುವಲ್ಲಿ ಆತ್ಮನಿರ್ಭರ ಭಾರತ ಪರಿಕಲ್ಪನೆ ಅಳವಡಿಸಬೇಕು ಎಂದರು.
ಮುಳ್ಳೆ ಸ್ಕೂಟರ್-ಟ್ಯಾಂಕರ್ ಲಾರಿ ಡಿಕ್ಕಿ-ಸವಾರ ಗಂಭೀರ
• ಮುಳ್ಳಿ: ರಾಷ್ಟ್ರೀಯ ಹೆದ್ದಾರಿ 66ರ ಮುಳ್ಳಿ ಬಸ್ ನಿಲ್ದಾಣದ ಬಳಿ ಸ್ಕೂಟರ್‌ಗೆ ಟ್ಯಾಂಕರ್ ಲಾರಿ ಡಿಕ್ಕಿಯಾಗಿ ಸವಾರ ಗಂಭೀರ ಗಾಯಗೊಂಡ ಘಟನೆ ನಡೆದಿದೆ. ಗಾಯಗೊಂಡವರನ್ನು ಸುರತ್ಕಲ್ ಮೂಲದ ಚಂದ್ರಶೇಖರ ಎಂದು ಗುರುತಿಸಲಾಗಿದೆ. ಸ್ಕೂಟರ್ ಸವಾರ ಮುಳ್ಳಿ ಕಡೆಯಿಂದ ಸುರತ್ಕಲ್ ಕಡೆಗೆ ಬರುತ್ತಿದ್ದಾಗ ಅಪಘಾತ ಸಂಭವಿಸಿದೆ. ಸ್ಥಳಕ್ಕೆ ಟ್ರಾಫಿಕ್ ಪೊಲೀಸರು ಭೇಟಿ ನೀಡಿ ಪರಿಶೀಲನೆ ನಡೆಸಿ ಪ್ರಕರಣ ದಾಖಲಿಸಿಕೊಂಡಿದ್ದಾರೆ.
